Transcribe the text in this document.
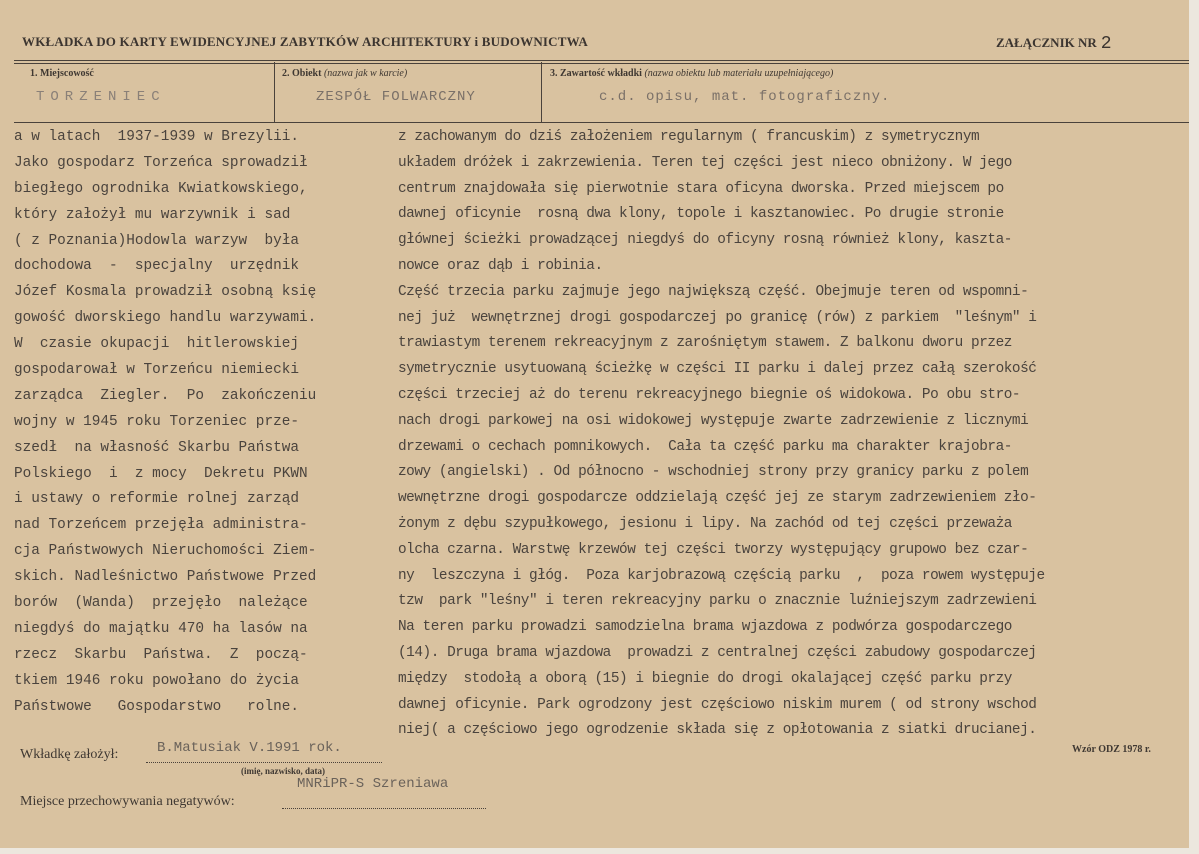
WKŁADKA DO KARTY EWIDENCYJNEJ ZABYTKÓW ARCHITEKTURY i BUDOWNICTWA	ZAŁĄCZNIK NR 2
1. Miejscowość	2. Obiekt (nazwa jak w karcie)	3. Zawartość wkładki (nazwa obiektu lub materiału uzupełniającego)
TORZENIEC	ZESPÓŁ FOLWARCZNY	c.d. opisu, mat. fotograficzny.
a w latach  1937-1939 w Brezylii.
Jako gospodarz Torzeńca sprowadził
biegłego ogrodnika Kwiatkowskiego,
który założył mu warzywnik i sad
( z Poznania)Hodowla warzyw  była
dochodowa  -  specjalny  urzędnik
Józef Kosmala prowadził osobną księ
gowość dworskiego handlu warzywami.
W  czasie okupacji  hitlerowskiej
gospodarował w Torzeńcu niemiecki
zarządca  Ziegler.  Po  zakończeniu
wojny w 1945 roku Torzeniec prze-
szedł  na własność Skarbu Państwa
Polskiego  i  z mocy  Dekretu PKWN
i ustawy o reformie rolnej zarząd
nad Torzeńcem przejęła administra-
cja Państwowych Nieruchomości Ziem-
skich. Nadleśnictwo Państwowe Przed
borów  (Wanda)  przejęło  należące
niegdyś do majątku 470 ha lasów na
rzecz  Skarbu  Państwa.  Z  począ-
tkiem 1946 roku powołano do życia
Państwowe   Gospodarstwo   rolne.
z zachowanym do dziś założeniem regularnym ( francuskim) z symetrycznym
układem dróżek i zakrzewienia. Teren tej części jest nieco obniżony. W jego
centrum znajdowała się pierwotnie stara oficyna dworska. Przed miejscem po
dawnej oficynie  rosną dwa klony, topole i kasztanowiec. Po drugie stronie
głównej ścieżki prowadzącej niegdyś do oficyny rosną również klony, kaszta-
nowce oraz dąb i robinia.
Część trzecia parku zajmuje jego największą część. Obejmuje teren od wspomni-
nej już  wewnętrznej drogi gospodarczej po granicę (rów) z parkiem  "leśnym" i
trawiastym terenem rekreacyjnym z zarośniętym stawem. Z balkonu dworu przez
symetrycznie usytuowaną ścieżkę w części II parku i dalej przez całą szerokość
części trzeciej aż do terenu rekreacyjnego biegnie oś widokowa. Po obu stro-
nach drogi parkowej na osi widokowej występuje zwarte zadrzewienie z licznymi
drzewami o cechach pomnikowych.  Cała ta część parku ma charakter krajobra-
zowy (angielski) . Od północno - wschodniej strony przy granicy parku z polem
wewnętrzne drogi gospodarcze oddzielają część jej ze starym zadrzewieniem zło-
żonym z dębu szypułkowego, jesionu i lipy. Na zachód od tej części przeważa
olcha czarna. Warstwę krzewów tej części tworzy występujący grupowo bez czar-
ny  leszczyna i głóg.  Poza karjobrazową częścią parku  ,  poza rowem występuje
tzw  park "leśny" i teren rekreacyjny parku o znacznie luźniejszym zadrzewieni
Na teren parku prowadzi samodzielna brama wjazdowa z podwórza gospodarczego
(14). Druga brama wjazdowa  prowadzi z centralnej części zabudowy gospodarczej
między  stodołą a oborą (15) i biegnie do drogi okalającej część parku przy
dawnej oficynie. Park ogrodzony jest częściowo niskim murem ( od strony wschod
niej( a częściowo jego ogrodzenie składa się z opłotowania z siatki drucianej.
Wkładkę założył:	B.Matusiak V.1991 rok.
(imię, nazwisko, data)
Wzór ODZ 1978 r.
Miejsce przechowywania negatywów:
MNRiPR-S Szreniawa
